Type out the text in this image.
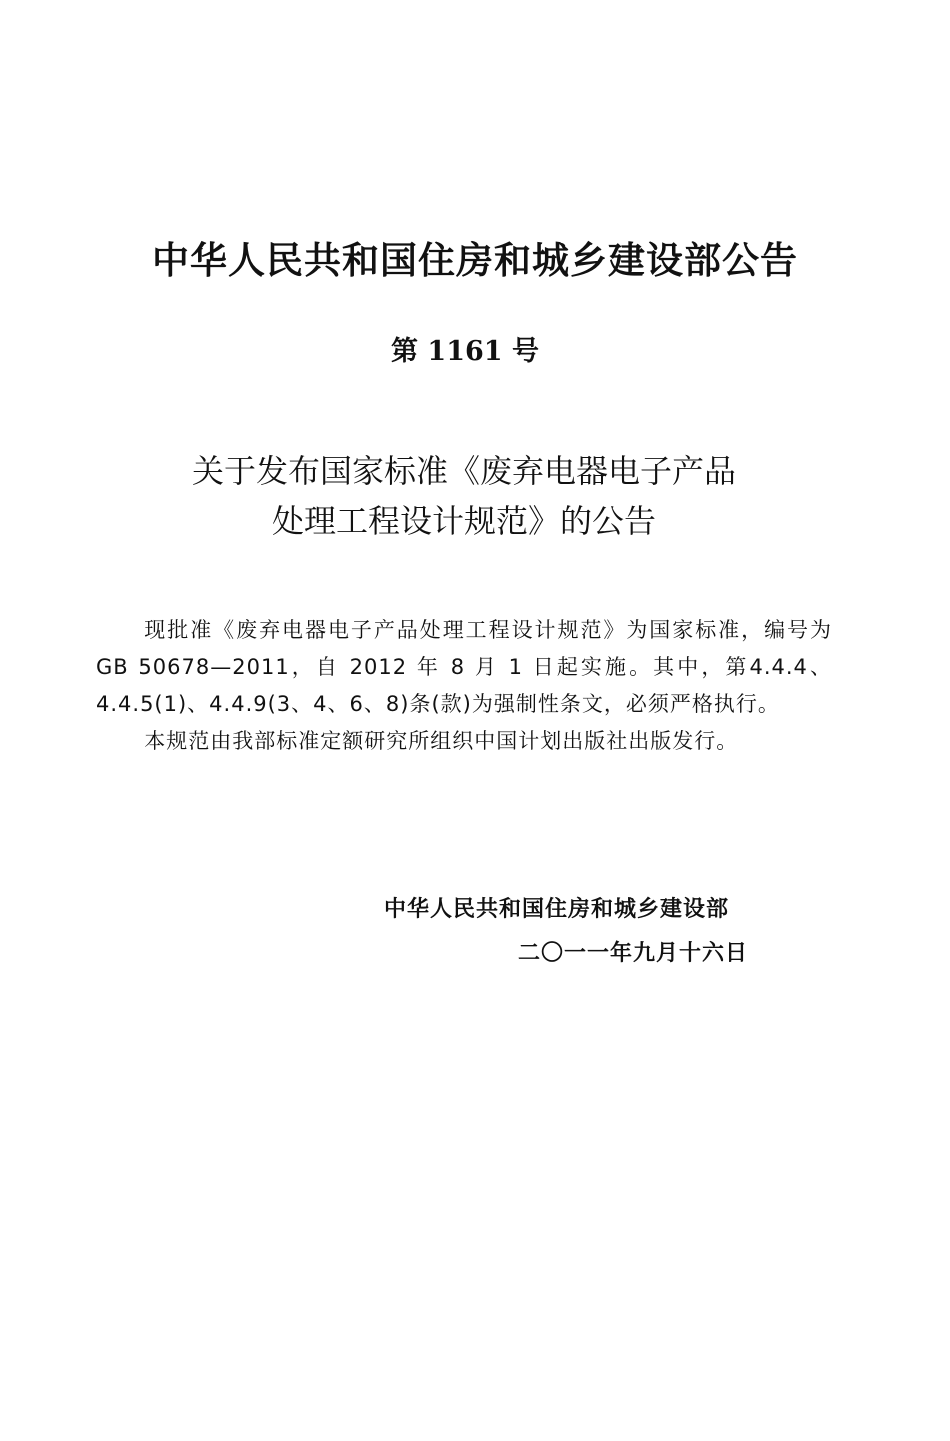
中华人民共和国住房和城乡建设部公告
第 1161 号
关于发布国家标准《废弃电器电子产品
处理工程设计规范》的公告

现批准《废弃电器电子产品处理工程设计规范》为国家标准，编号为GB 50678—2011，自 2012 年 8 月 1 日起实施。其中，第4.4.4、4.4.5(1)、4.4.9(3、4、6、8)条(款)为强制性条文，必须严格执行。

本规范由我部标准定额研究所组织中国计划出版社出版发行。

中华人民共和国住房和城乡建设部
二〇一一年九月十六日
